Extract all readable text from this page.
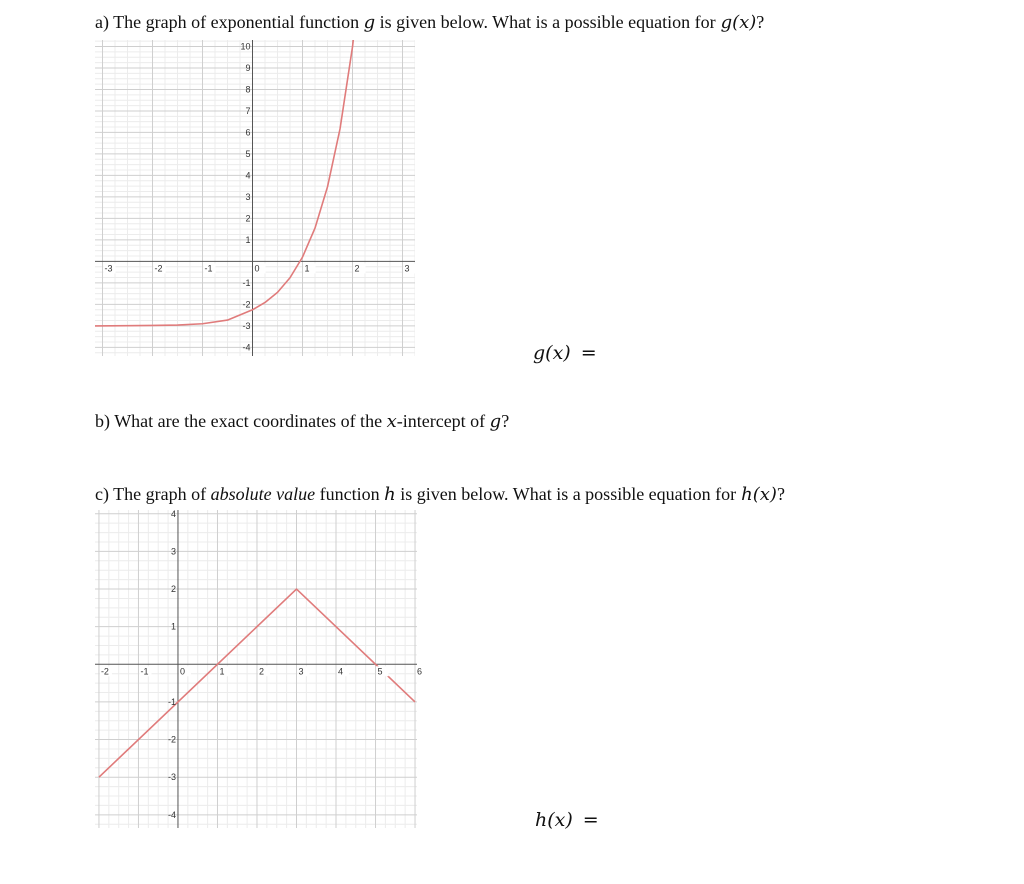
a) The graph of exponential function g is given below. What is a possible equation for g(x)?
-3	-2	-1	0	1	2	3
10
9
8
7
6
5
4
3
2
1
-1
-2
-3
-4	g(x) =
b) What are the exact coordinates of the x-intercept of g?
c) The graph of absolute value function h is given below. What is a possible equation for h(x)?
-2	-1	0	1	2	3	4	5	6
4
3
2
1
-1
-2
-3
-4	h(x) =
